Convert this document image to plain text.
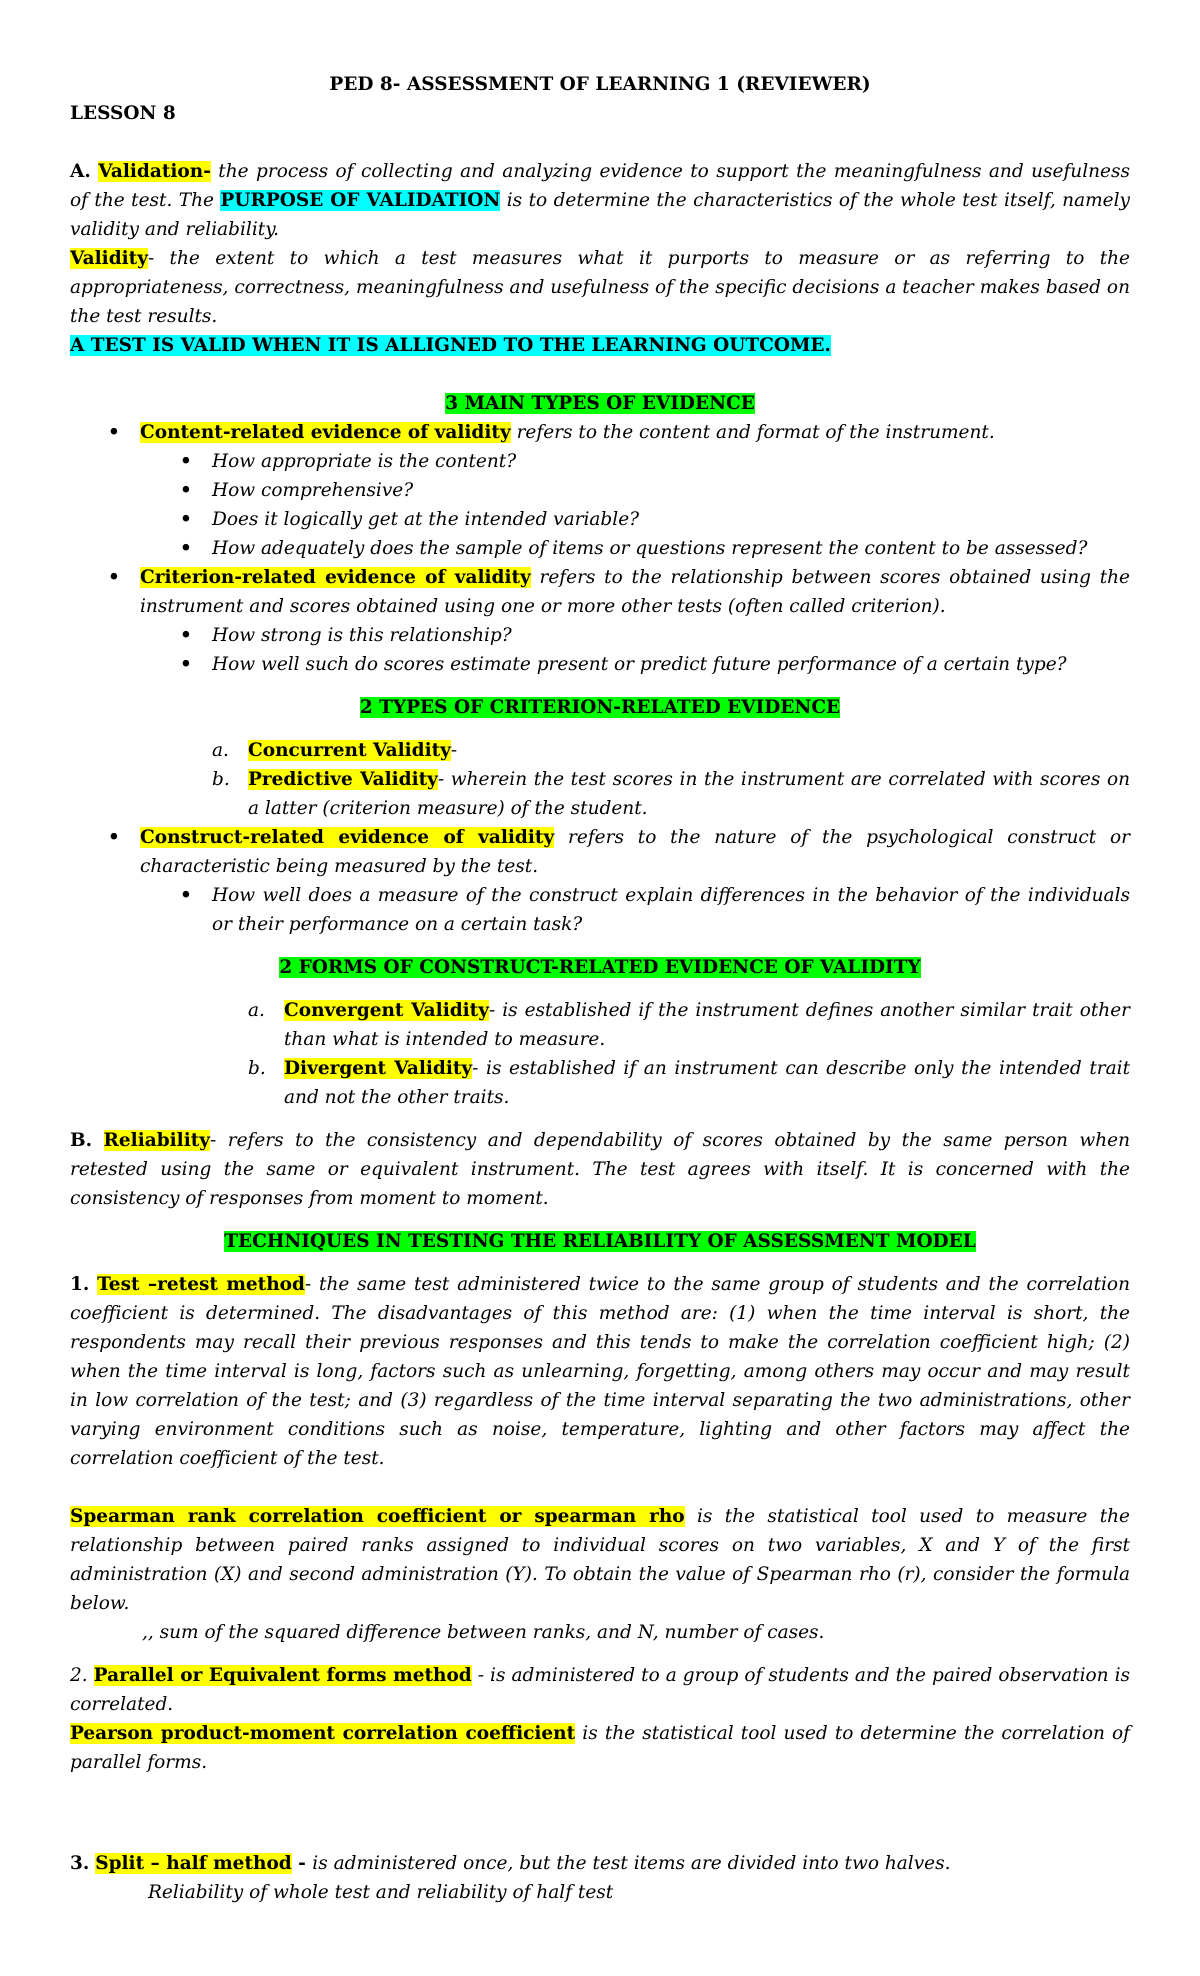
PED 8- ASSESSMENT OF LEARNING 1 (REVIEWER)
LESSON 8
A. Validation- the process of collecting and analyzing evidence to support the meaningfulness and usefulness of the test. The PURPOSE OF VALIDATION is to determine the characteristics of the whole test itself, namely validity and reliability.
Validity- the extent to which a test measures what it purports to measure or as referring to the appropriateness, correctness, meaningfulness and usefulness of the specific decisions a teacher makes based on the test results.
A TEST IS VALID WHEN IT IS ALLIGNED TO THE LEARNING OUTCOME.
3 MAIN TYPES OF EVIDENCE
• Content-related evidence of validity refers to the content and format of the instrument.
• How appropriate is the content?
• How comprehensive?
• Does it logically get at the intended variable?
• How adequately does the sample of items or questions represent the content to be assessed?
• Criterion-related evidence of validity refers to the relationship between scores obtained using the instrument and scores obtained using one or more other tests (often called criterion).
• How strong is this relationship?
• How well such do scores estimate present or predict future performance of a certain type?
2 TYPES OF CRITERION-RELATED EVIDENCE
a. Concurrent Validity-
b. Predictive Validity- wherein the test scores in the instrument are correlated with scores on a latter (criterion measure) of the student.
• Construct-related evidence of validity refers to the nature of the psychological construct or characteristic being measured by the test.
• How well does a measure of the construct explain differences in the behavior of the individuals or their performance on a certain task?
2 FORMS OF CONSTRUCT-RELATED EVIDENCE OF VALIDITY
a. Convergent Validity- is established if the instrument defines another similar trait other than what is intended to measure.
b. Divergent Validity- is established if an instrument can describe only the intended trait and not the other traits.
B. Reliability- refers to the consistency and dependability of scores obtained by the same person when retested using the same or equivalent instrument. The test agrees with itself. It is concerned with the consistency of responses from moment to moment.
TECHNIQUES IN TESTING THE RELIABILITY OF ASSESSMENT MODEL
1. Test –retest method- the same test administered twice to the same group of students and the correlation coefficient is determined. The disadvantages of this method are: (1) when the time interval is short, the respondents may recall their previous responses and this tends to make the correlation coefficient high; (2) when the time interval is long, factors such as unlearning, forgetting, among others may occur and may result in low correlation of the test; and (3) regardless of the time interval separating the two administrations, other varying environment conditions such as noise, temperature, lighting and other factors may affect the correlation coefficient of the test.
Spearman rank correlation coefficient or spearman rho is the statistical tool used to measure the relationship between paired ranks assigned to individual scores on two variables, X and Y of the first administration (X) and second administration (Y). To obtain the value of Spearman rho (r), consider the formula below.
,, sum of the squared difference between ranks, and N, number of cases.
2. Parallel or Equivalent forms method - is administered to a group of students and the paired observation is correlated.
Pearson product-moment correlation coefficient is the statistical tool used to determine the correlation of parallel forms.
3. Split – half method - is administered once, but the test items are divided into two halves.
Reliability of whole test and reliability of half test
